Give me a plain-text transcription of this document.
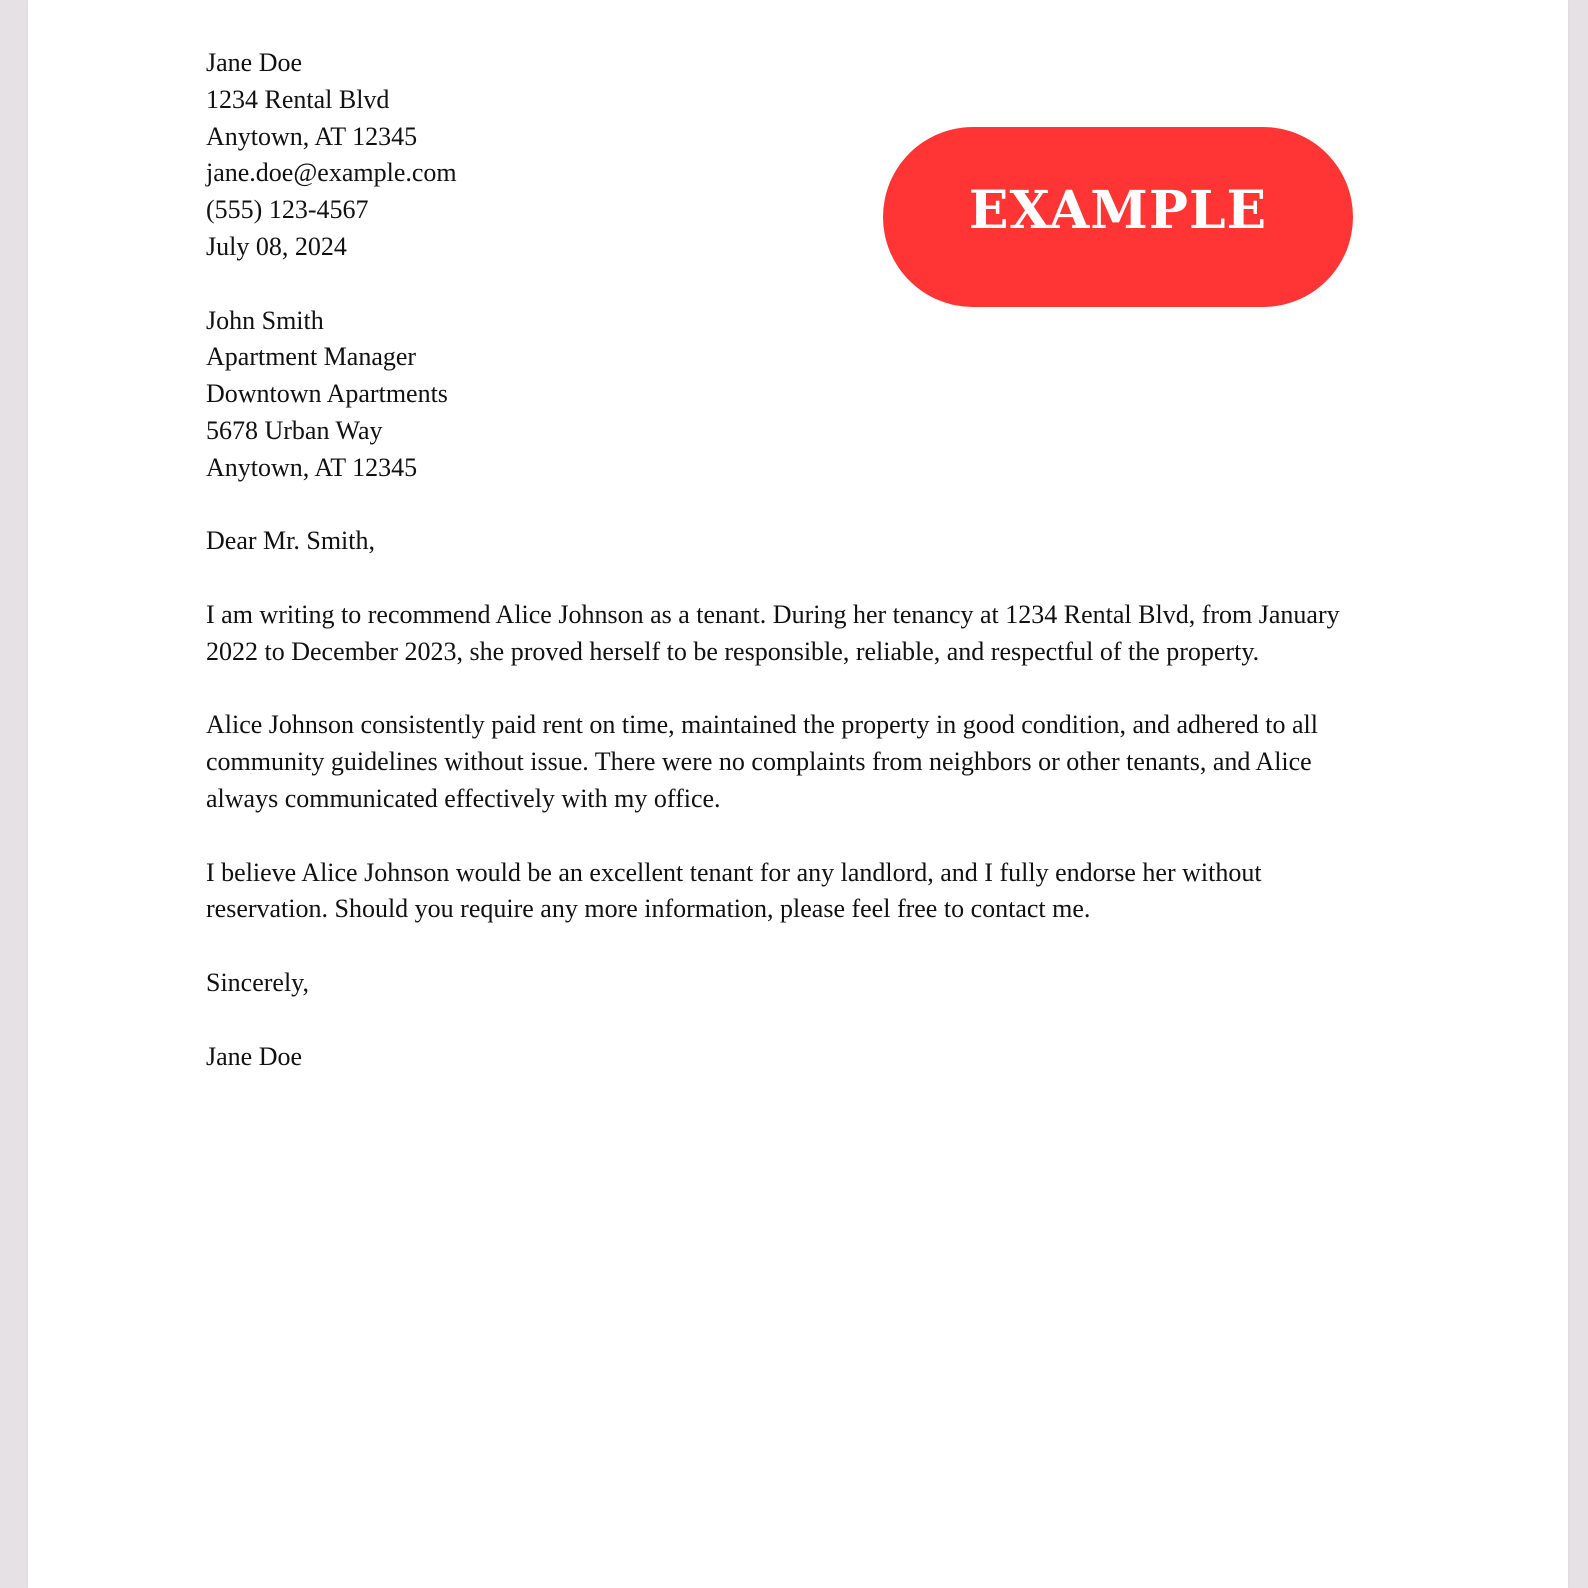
EXAMPLE
Jane Doe
1234 Rental Blvd
Anytown, AT 12345
jane.doe@example.com
(555) 123-4567
July 08, 2024
John Smith
Apartment Manager
Downtown Apartments
5678 Urban Way
Anytown, AT 12345
Dear Mr. Smith,
I am writing to recommend Alice Johnson as a tenant. During her tenancy at 1234 Rental Blvd, from January 2022 to December 2023, she proved herself to be responsible, reliable, and respectful of the property.
Alice Johnson consistently paid rent on time, maintained the property in good condition, and adhered to all community guidelines without issue. There were no complaints from neighbors or other tenants, and Alice always communicated effectively with my office.
I believe Alice Johnson would be an excellent tenant for any landlord, and I fully endorse her without reservation. Should you require any more information, please feel free to contact me.
Sincerely,
Jane Doe
